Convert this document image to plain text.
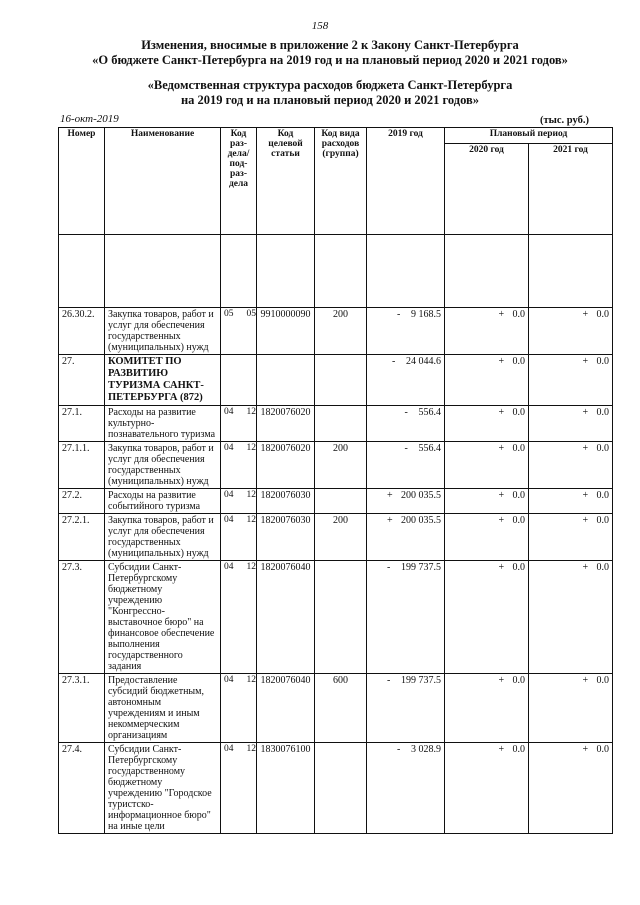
158
Изменения, вносимые в приложение 2 к Закону Санкт-Петербурга
«О бюджете Санкт-Петербурга на 2019 год и на плановый период 2020 и 2021 годов»
«Ведомственная структура расходов бюджета Санкт-Петербурга
на 2019 год и на плановый период 2020 и 2021 годов»
16-окт-2019	(тыс. руб.)
Номер	Наименование	Код раз-дела/ под-раз-дела	Код целевой статьи	Код вида расходов (группа)	2019 год	Плановый период	
						2020 год	2021 год

26.30.2.	Закупка товаров, работ и услуг для обеспечения государственных (муниципальных) нужд	05 05	9910000090	200	- 9 168.5	+ 0.0	+ 0.0
27.	КОМИТЕТ ПО РАЗВИТИЮ ТУРИЗМА САНКТ-ПЕТЕРБУРГА (872)				- 24 044.6	+ 0.0	+ 0.0
27.1.	Расходы на развитие культурно-познавательного туризма	04 12	1820076020		- 556.4	+ 0.0	+ 0.0
27.1.1.	Закупка товаров, работ и услуг для обеспечения государственных (муниципальных) нужд	04 12	1820076020	200	- 556.4	+ 0.0	+ 0.0
27.2.	Расходы на развитие событийного туризма	04 12	1820076030		+ 200 035.5	+ 0.0	+ 0.0
27.2.1.	Закупка товаров, работ и услуг для обеспечения государственных (муниципальных) нужд	04 12	1820076030	200	+ 200 035.5	+ 0.0	+ 0.0
27.3.	Субсидии Санкт-Петербургскому бюджетному учреждению "Конгрессно-выставочное бюро" на финансовое обеспечение выполнения государственного задания	04 12	1820076040		- 199 737.5	+ 0.0	+ 0.0
27.3.1.	Предоставление субсидий бюджетным, автономным учреждениям и иным некоммерческим организациям	04 12	1820076040	600	- 199 737.5	+ 0.0	+ 0.0
27.4.	Субсидии Санкт-Петербургскому государственному бюджетному учреждению "Городское туристско-информационное бюро" на иные цели	04 12	1830076100		- 3 028.9	+ 0.0	+ 0.0
